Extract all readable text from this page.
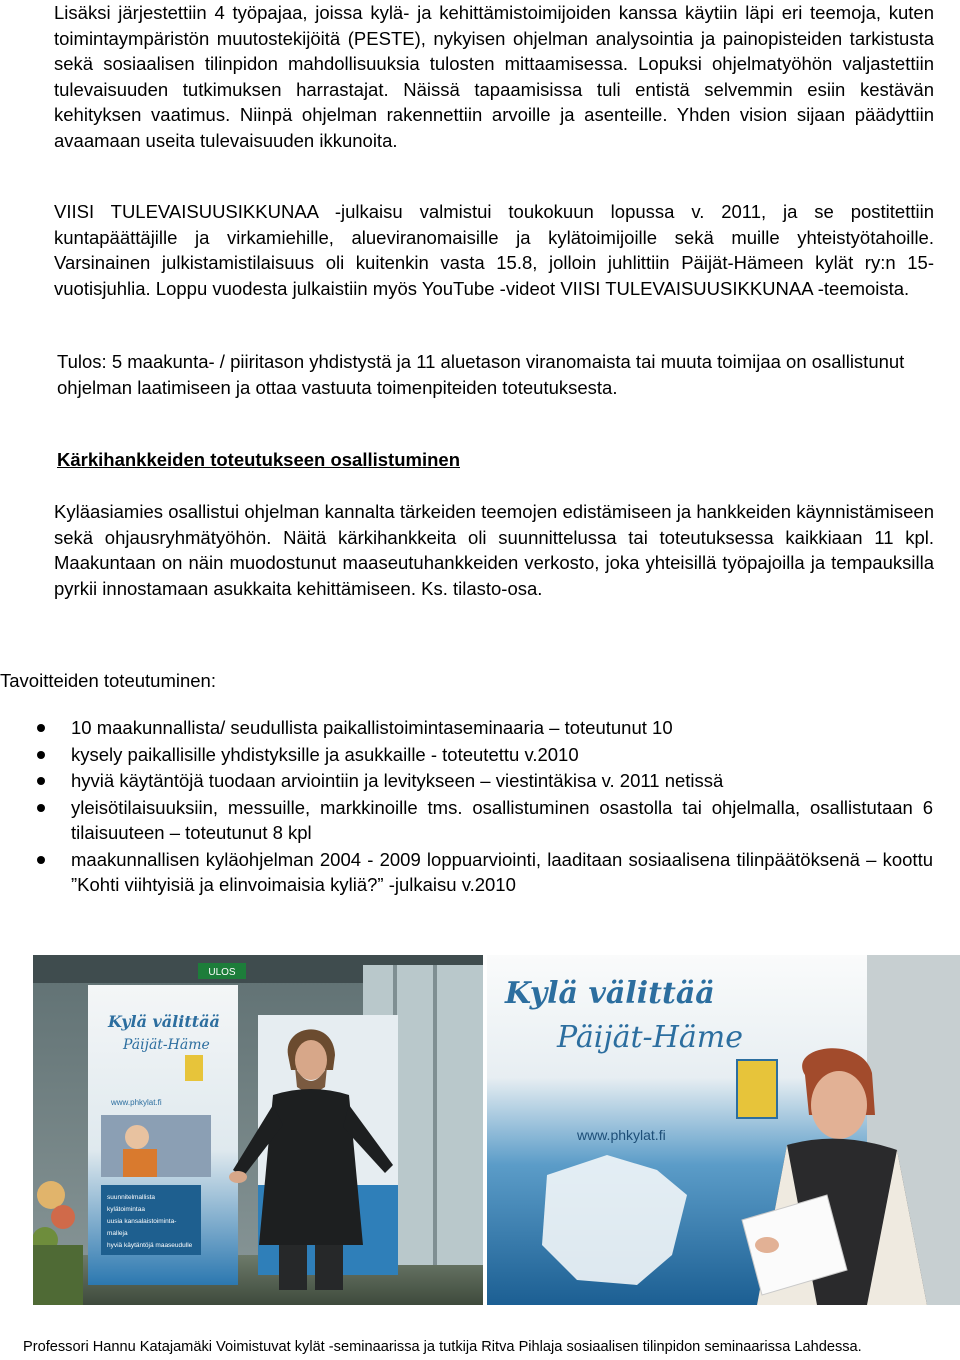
Lisäksi järjestettiin 4 työpajaa, joissa kylä- ja kehittämistoimijoiden kanssa käytiin läpi eri teemoja, kuten toimintaympäristön muutostekijöitä (PESTE), nykyisen ohjelman analysointia ja painopisteiden tarkistusta sekä sosiaalisen tilinpidon mahdollisuuksia tulosten mittaamisessa. Lopuksi ohjelmatyöhön valjastettiin tulevaisuuden tutkimuksen harrastajat. Näissä tapaamisissa tuli entistä selvemmin esiin kestävän kehityksen vaatimus. Niinpä ohjelman rakennettiin arvoille ja asenteille. Yhden vision sijaan päädyttiin avaamaan useita tulevaisuuden ikkunoita.

VIISI TULEVAISUUSIKKUNAA -julkaisu valmistui toukokuun lopussa v. 2011, ja se postitettiin kuntapäättäjille ja virkamiehille, alueviranomaisille ja kylätoimijoille sekä muille yhteistyötahoille. Varsinainen julkistamistilaisuus oli kuitenkin vasta 15.8, jolloin juhlittiin Päijät-Hämeen kylät ry:n 15-vuotisjuhlia. Loppu vuodesta julkaistiin myös YouTube -videot VIISI TULEVAISUUSIKKUNAA -teemoista.

Tulos: 5 maakunta- / piiritason yhdistystä ja 11 aluetason viranomaista tai muuta toimijaa on osallistunut ohjelman laatimiseen ja ottaa vastuuta toimenpiteiden toteutuksesta.

Kärkihankkeiden toteutukseen osallistuminen

Kyläasiamies osallistui ohjelman kannalta tärkeiden teemojen edistämiseen ja hankkeiden käynnistämiseen sekä ohjausryhmätyöhön. Näitä kärkihankkeita oli suunnittelussa tai toteutuksessa kaikkiaan 11 kpl. Maakuntaan on näin muodostunut maaseutuhankkeiden verkosto, joka yhteisillä työpajoilla ja tempauksilla pyrkii innostamaan asukkaita kehittämiseen. Ks. tilasto-osa.

Tavoitteiden toteutuminen:

10 maakunnallista/ seudullista paikallistoimintaseminaaria – toteutunut 10
kysely paikallisille yhdistyksille ja asukkaille - toteutettu v.2010
hyviä käytäntöjä tuodaan arviointiin ja levitykseen – viestintäkisa v. 2011 netissä
yleisötilaisuuksiin, messuille, markkinoille tms. osallistuminen osastolla tai ohjelmalla, osallistutaan 6 tilaisuuteen – toteutunut 8 kpl
maakunnallisen kyläohjelman 2004 - 2009 loppuarviointi, laaditaan sosiaalisena tilinpäätöksenä – koottu ”Kohti viihtyisiä ja elinvoimaisia kyliä?” -julkaisu v.2010
ULOS
Kylä välittää
Päijät-Häme
www.phkylat.fi
suunnitelmallista
kylätoimintaa
uusia kansalaistoiminta-
malleja
hyviä käytäntöjä maaseudulle
Kylä välittää
Päijät-Häme
www.phkylat.fi

Professori Hannu Katajamäki Voimistuvat kylät -seminaarissa ja tutkija Ritva Pihlaja sosiaalisen tilinpidon seminaarissa Lahdessa.
